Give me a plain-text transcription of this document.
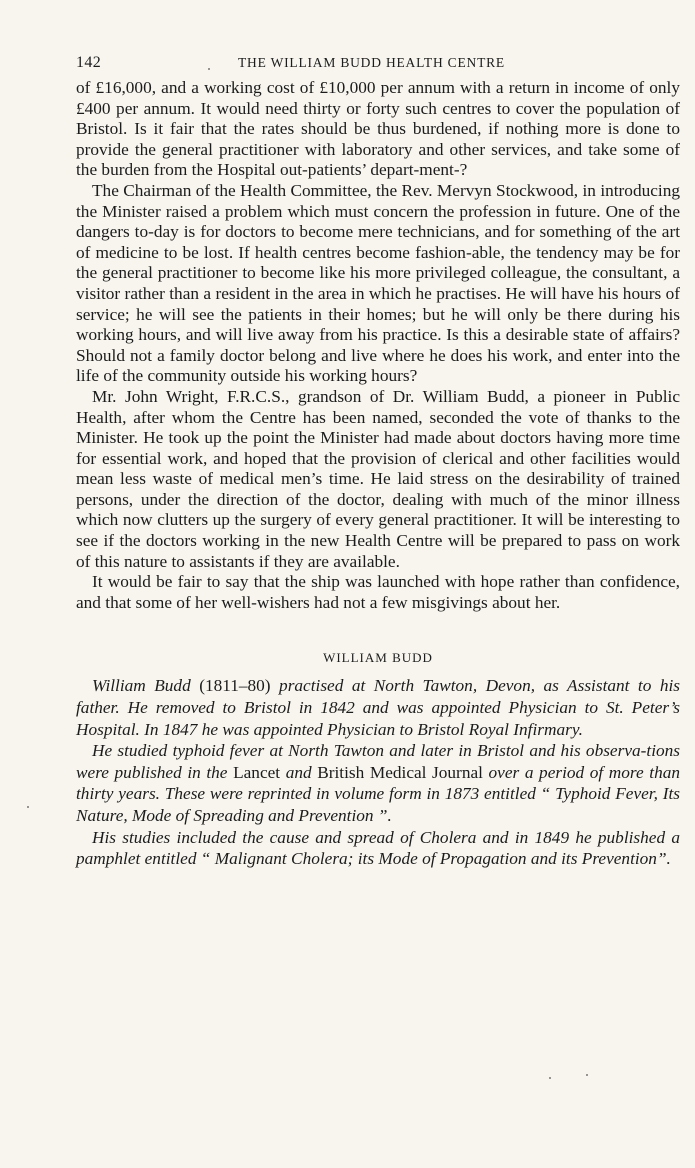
142	THE WILLIAM BUDD HEALTH CENTRE

of £16,000, and a working cost of £10,000 per annum with a return in income of only £400 per annum. It would need thirty or forty such centres to cover the population of Bristol. Is it fair that the rates should be thus burdened, if nothing more is done to provide the general practitioner with laboratory and other services, and take some of the burden from the Hospital out-patients’ depart-ment-?

The Chairman of the Health Committee, the Rev. Mervyn Stockwood, in introducing the Minister raised a problem which must concern the profession in future. One of the dangers to-day is for doctors to become mere technicians, and for something of the art of medicine to be lost. If health centres become fashion-able, the tendency may be for the general practitioner to become like his more privileged colleague, the consultant, a visitor rather than a resident in the area in which he practises. He will have his hours of service; he will see the patients in their homes; but he will only be there during his working hours, and will live away from his practice. Is this a desirable state of affairs? Should not a family doctor belong and live where he does his work, and enter into the life of the community outside his working hours?

Mr. John Wright, F.R.C.S., grandson of Dr. William Budd, a pioneer in Public Health, after whom the Centre has been named, seconded the vote of thanks to the Minister. He took up the point the Minister had made about doctors having more time for essential work, and hoped that the provision of clerical and other facilities would mean less waste of medical men’s time. He laid stress on the desirability of trained persons, under the direction of the doctor, dealing with much of the minor illness which now clutters up the surgery of every general practitioner. It will be interesting to see if the doctors working in the new Health Centre will be prepared to pass on work of this nature to assistants if they are available.

It would be fair to say that the ship was launched with hope rather than confidence, and that some of her well-wishers had not a few misgivings about her.

WILLIAM BUDD

William Budd (1811–80) practised at North Tawton, Devon, as Assistant to his father. He removed to Bristol in 1842 and was appointed Physician to St. Peter’s Hospital. In 1847 he was appointed Physician to Bristol Royal Infirmary.

He studied typhoid fever at North Tawton and later in Bristol and his observa-tions were published in the Lancet and British Medical Journal over a period of more than thirty years. These were reprinted in volume form in 1873 entitled “ Typhoid Fever, Its Nature, Mode of Spreading and Prevention ”.

His studies included the cause and spread of Cholera and in 1849 he published a pamphlet entitled “ Malignant Cholera; its Mode of Propagation and its Prevention”.
